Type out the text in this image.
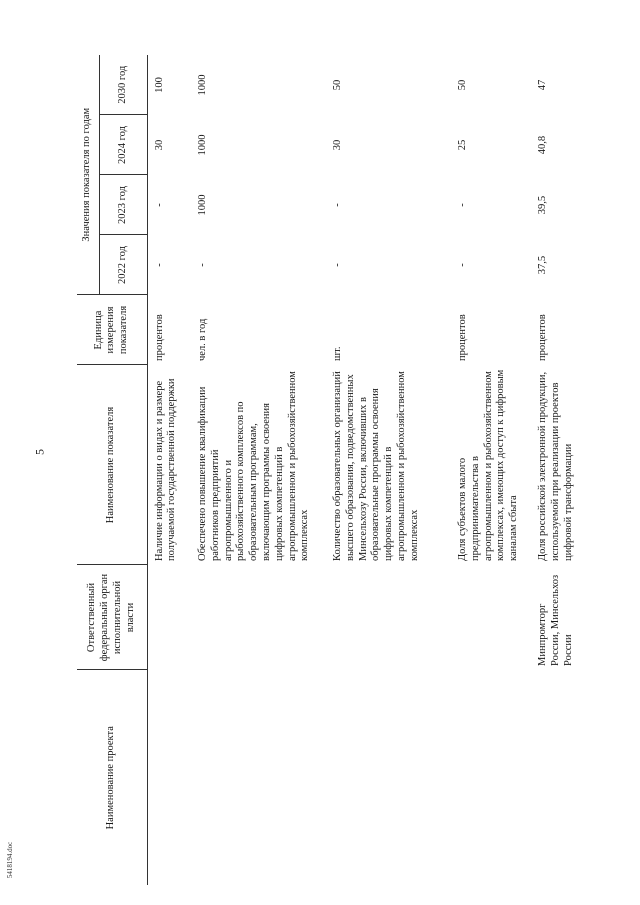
5
5418194.doc
Наименование проекта	Ответственный федеральный орган исполнительной власти	Наименование показателя	Единица измерения показателя	Значения показателя по годам			
				2022 год	2023 год	2024 год	2030 год
		Наличие информации о видах и размере получаемой государственной поддержки	процентов	-	-	30	100
		Обеспечено повышение квалификации работников предприятий агропромышленного и рыбохозяйственного комплексов по образовательным программам, включающим программы освоения цифровых компетенций в агропромышленном и рыбохозяйственном комплексах	чел. в год	-	1000	1000	1000
		Количество образовательных организаций высшего образования, подведомственных Минсельхозу России, включивших в образовательные программы освоения цифровых компетенций в агропромышленном и рыбохозяйственном комплексах	шт.	-	-	30	50
		Доля субъектов малого предпринимательства в агропромышленном и рыбохозяйственном комплексах, имеющих доступ к цифровым каналам сбыта	процентов	-	-	25	50
	Минпромторг России, Минсельхоз России	Доля российской электронной продукции, используемой при реализации проектов цифровой трансформации	процентов	37,5	39,5	40,8	47
